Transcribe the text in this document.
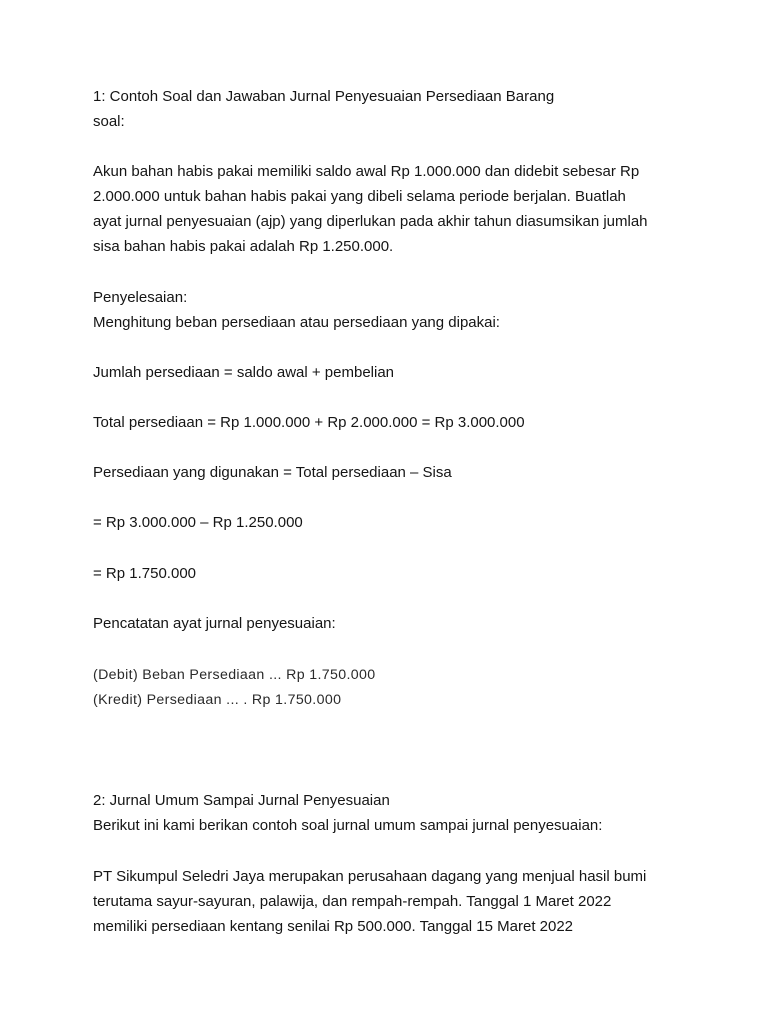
1: Contoh Soal dan Jawaban Jurnal Penyesuaian Persediaan Barang
soal:
Akun bahan habis pakai memiliki saldo awal Rp 1.000.000 dan didebit sebesar Rp
2.000.000 untuk bahan habis pakai yang dibeli selama periode berjalan. Buatlah
ayat jurnal penyesuaian (ajp) yang diperlukan pada akhir tahun diasumsikan jumlah
sisa bahan habis pakai adalah Rp 1.250.000.
Penyelesaian:
Menghitung beban persediaan atau persediaan yang dipakai:
Jumlah persediaan = saldo awal + pembelian
Total persediaan = Rp 1.000.000 + Rp 2.000.000 = Rp 3.000.000
Persediaan yang digunakan = Total persediaan – Sisa
= Rp 3.000.000 – Rp 1.250.000
= Rp 1.750.000
Pencatatan ayat jurnal penyesuaian:
(Debit) Beban Persediaan ... Rp 1.750.000
(Kredit) Persediaan ... . Rp 1.750.000
2: Jurnal Umum Sampai Jurnal Penyesuaian
Berikut ini kami berikan contoh soal jurnal umum sampai jurnal penyesuaian:
PT Sikumpul Seledri Jaya merupakan perusahaan dagang yang menjual hasil bumi
terutama sayur-sayuran, palawija, dan rempah-rempah. Tanggal 1 Maret 2022
memiliki persediaan kentang senilai Rp 500.000. Tanggal 15 Maret 2022
